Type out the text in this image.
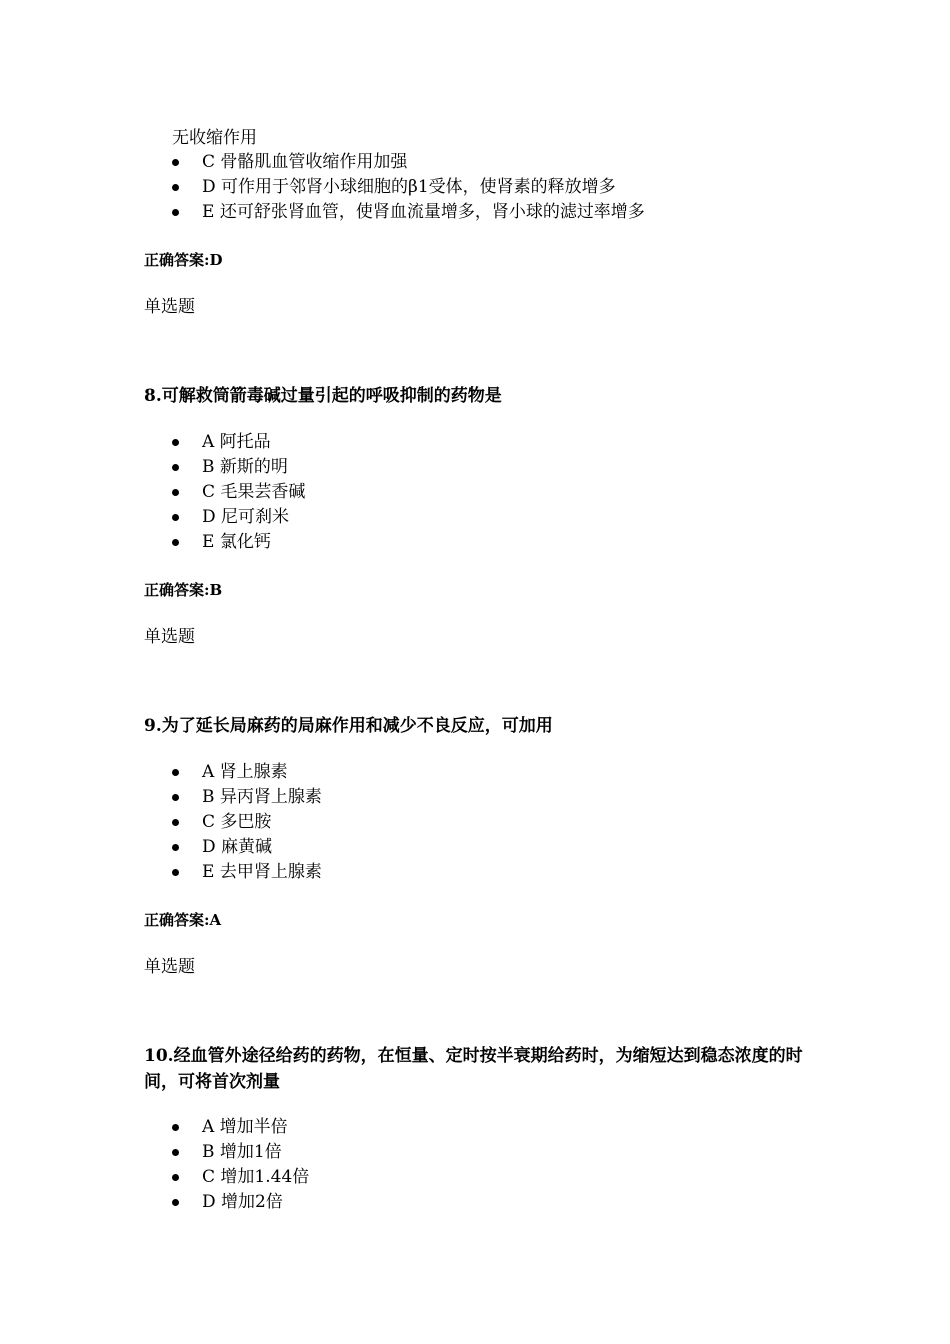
无收缩作用
C 骨骼肌血管收缩作用加强
D 可作用于邻肾小球细胞的β1受体，使肾素的释放增多
E 还可舒张肾血管，使肾血流量增多，肾小球的滤过率增多
正确答案:D
单选题
8.可解救筒箭毒碱过量引起的呼吸抑制的药物是
A 阿托品
B 新斯的明
C 毛果芸香碱
D 尼可刹米
E 氯化钙
正确答案:B
单选题
9.为了延长局麻药的局麻作用和减少不良反应，可加用
A 肾上腺素
B 异丙肾上腺素
C 多巴胺
D 麻黄碱
E 去甲肾上腺素
正确答案:A
单选题
10.经血管外途径给药的药物，在恒量、定时按半衰期给药时，为缩短达到稳态浓度的时间，可将首次剂量
A 增加半倍
B 增加1倍
C 增加1.44倍
D 增加2倍
